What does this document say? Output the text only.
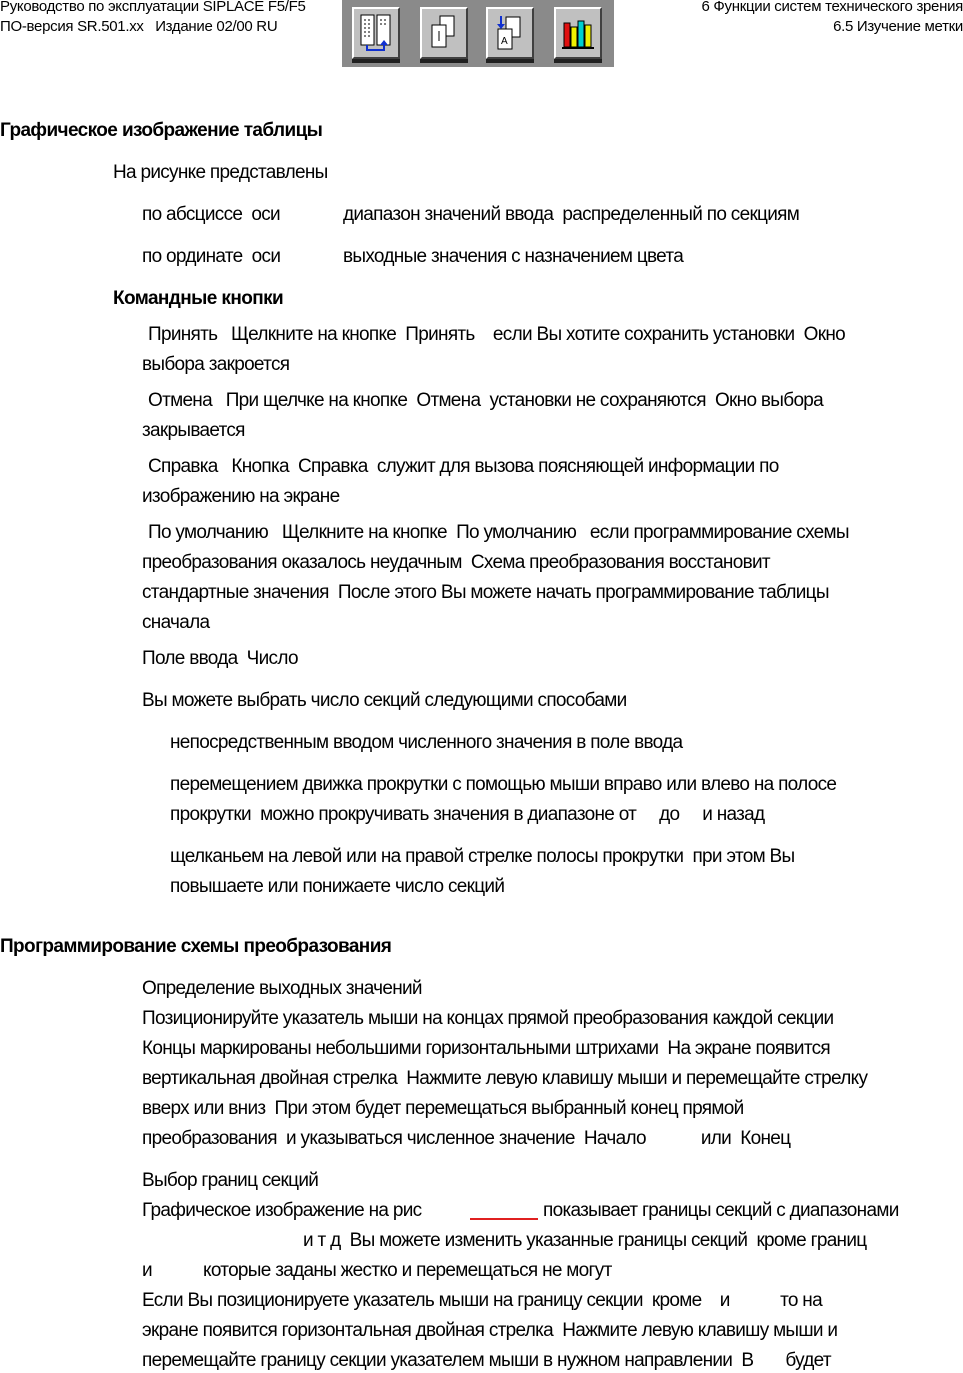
Руководство по эксплуатации SIPLACE F5/F5
ПО-версия SR.501.xx   Издание 02/00 RU
6 Функции систем технического зрения
6.5 Изучение метки
A
Графическое изображение таблицы
На рисунке представлены
по абсциссе  оси	диапазон значений ввода  распределенный по секциям
по ординате  оси	выходные значения с назначением цвета
Командные кнопки
Принять   Щелкните на кнопке  Принять    если Вы хотите сохранить установки  Окно
выбора закроется
Отмена   При щелчке на кнопке  Отмена  установки не сохраняются  Окно выбора
закрывается
Справка   Кнопка  Справка  служит для вызова поясняющей информации по
изображению на экране
По умолчанию   Щелкните на кнопке  По умолчанию   если программирование схемы
преобразования оказалось неудачным  Схема преобразования восстановит
стандартные значения  После этого Вы можете начать программирование таблицы
сначала
Поле ввода  Число
Вы можете выбрать число секций следующими способами
непосредственным вводом численного значения в поле ввода
перемещением движка прокрутки с помощью мыши вправо или влево на полосе
прокрутки  можно прокручивать значения в диапазоне от     до     и назад
щелканьем на левой или на правой стрелке полосы прокрутки  при этом Вы
повышаете или понижаете число секций
Программирование схемы преобразования
Определение выходных значений
Позиционируйте указатель мыши на концах прямой преобразования каждой секции
Концы маркированы небольшими горизонтальными штрихами  На экране появится
вертикальная двойная стрелка  Нажмите левую клавишу мыши и перемещайте стрелку
вверх или вниз  При этом будет перемещаться выбранный конец прямой
преобразования  и указываться численное значение  Начало            или  Конец
Выбор границ секций
Графическое изображение на рис	показывает границы секций с диапазонами
и т д  Вы можете изменить указанные границы секций  кроме границ
и	которые заданы жестко и перемещаться не могут
Если Вы позиционируете указатель мыши на границу секции  кроме    и           то на
экране появится горизонтальная двойная стрелка  Нажмите левую клавишу мыши и
перемещайте границу секции указателем мыши в нужном направлении  В       будет
